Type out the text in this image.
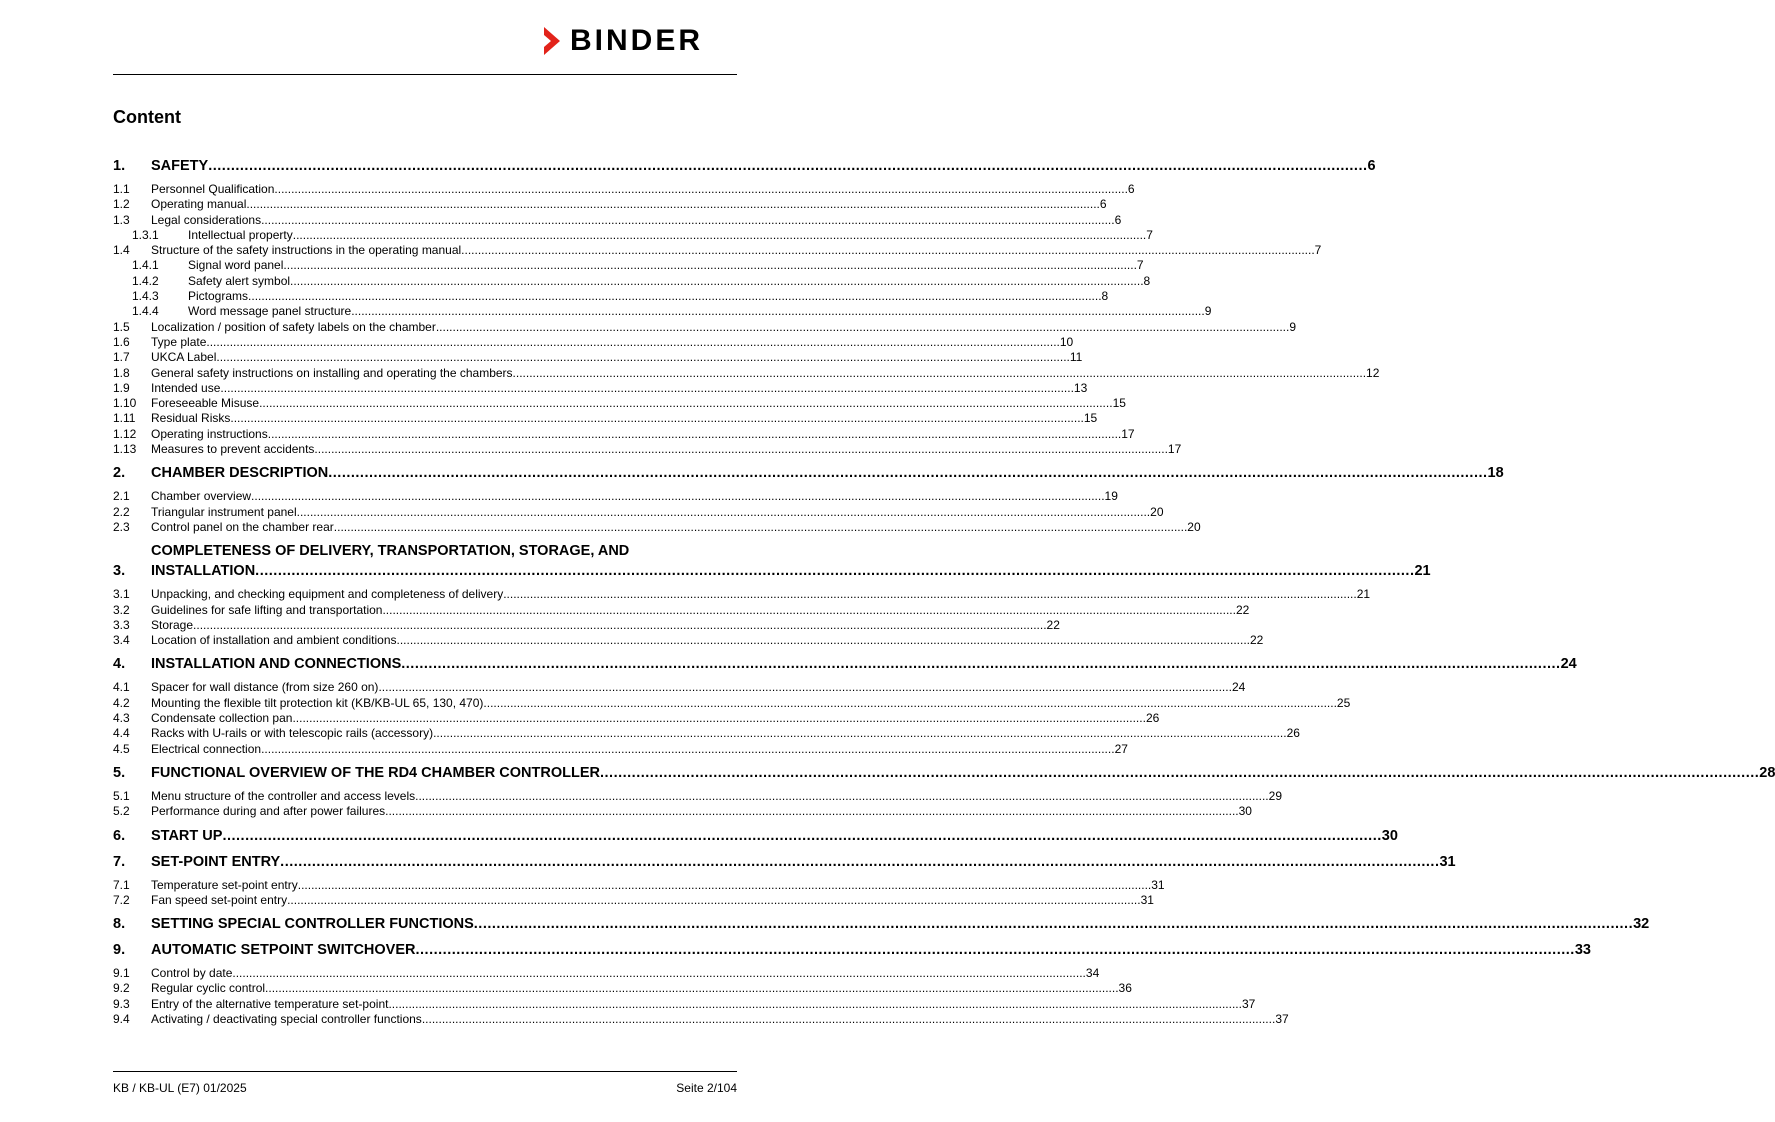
BINDER
Content
1.	SAFETY .....	6
1.1	Personnel Qualification .....	6
1.2	Operating manual .....	6
1.3	Legal considerations .....	6
1.3.1	Intellectual property .....	7
1.4	Structure of the safety instructions in the operating manual .....	7
1.4.1	Signal word panel .....	7
1.4.2	Safety alert symbol .....	8
1.4.3	Pictograms .....	8
1.4.4	Word message panel structure .....	9
1.5	Localization / position of safety labels on the chamber .....	9
1.6	Type plate .....	10
1.7	UKCA Label .....	11
1.8	General safety instructions on installing and operating the chambers .....	12
1.9	Intended use .....	13
1.10	Foreseeable Misuse .....	15
1.11	Residual Risks .....	15
1.12	Operating instructions .....	17
1.13	Measures to prevent accidents .....	17
2.	CHAMBER DESCRIPTION .....	18
2.1	Chamber overview .....	19
2.2	Triangular instrument panel .....	20
2.3	Control panel on the chamber rear .....	20
3.
COMPLETENESS OF DELIVERY, TRANSPORTATION, STORAGE, AND
INSTALLATION .....	21
3.1	Unpacking, and checking equipment and completeness of delivery .....	21
3.2	Guidelines for safe lifting and transportation .....	22
3.3	Storage .....	22
3.4	Location of installation and ambient conditions .....	22
4.	INSTALLATION AND CONNECTIONS .....	24
4.1	Spacer for wall distance (from size 260 on) .....	24
4.2	Mounting the flexible tilt protection kit (KB/KB-UL 65, 130, 470) .....	25
4.3	Condensate collection pan .....	26
4.4	Racks with U-rails or with telescopic rails (accessory) .....	26
4.5	Electrical connection .....	27
5.	FUNCTIONAL OVERVIEW OF THE RD4 CHAMBER CONTROLLER .....	28
5.1	Menu structure of the controller and access levels .....	29
5.2	Performance during and after power failures .....	30
6.	START UP .....	30
7.	SET-POINT ENTRY .....	31
7.1	Temperature set-point entry .....	31
7.2	Fan speed set-point entry .....	31
8.	SETTING SPECIAL CONTROLLER FUNCTIONS .....	32
9.	AUTOMATIC SETPOINT SWITCHOVER .....	33
9.1	Control by date .....	34
9.2	Regular cyclic control .....	36
9.3	Entry of the alternative temperature set-point .....	37
9.4	Activating / deactivating special controller functions .....	37
KB / KB-UL (E7) 01/2025	Seite 2/104
